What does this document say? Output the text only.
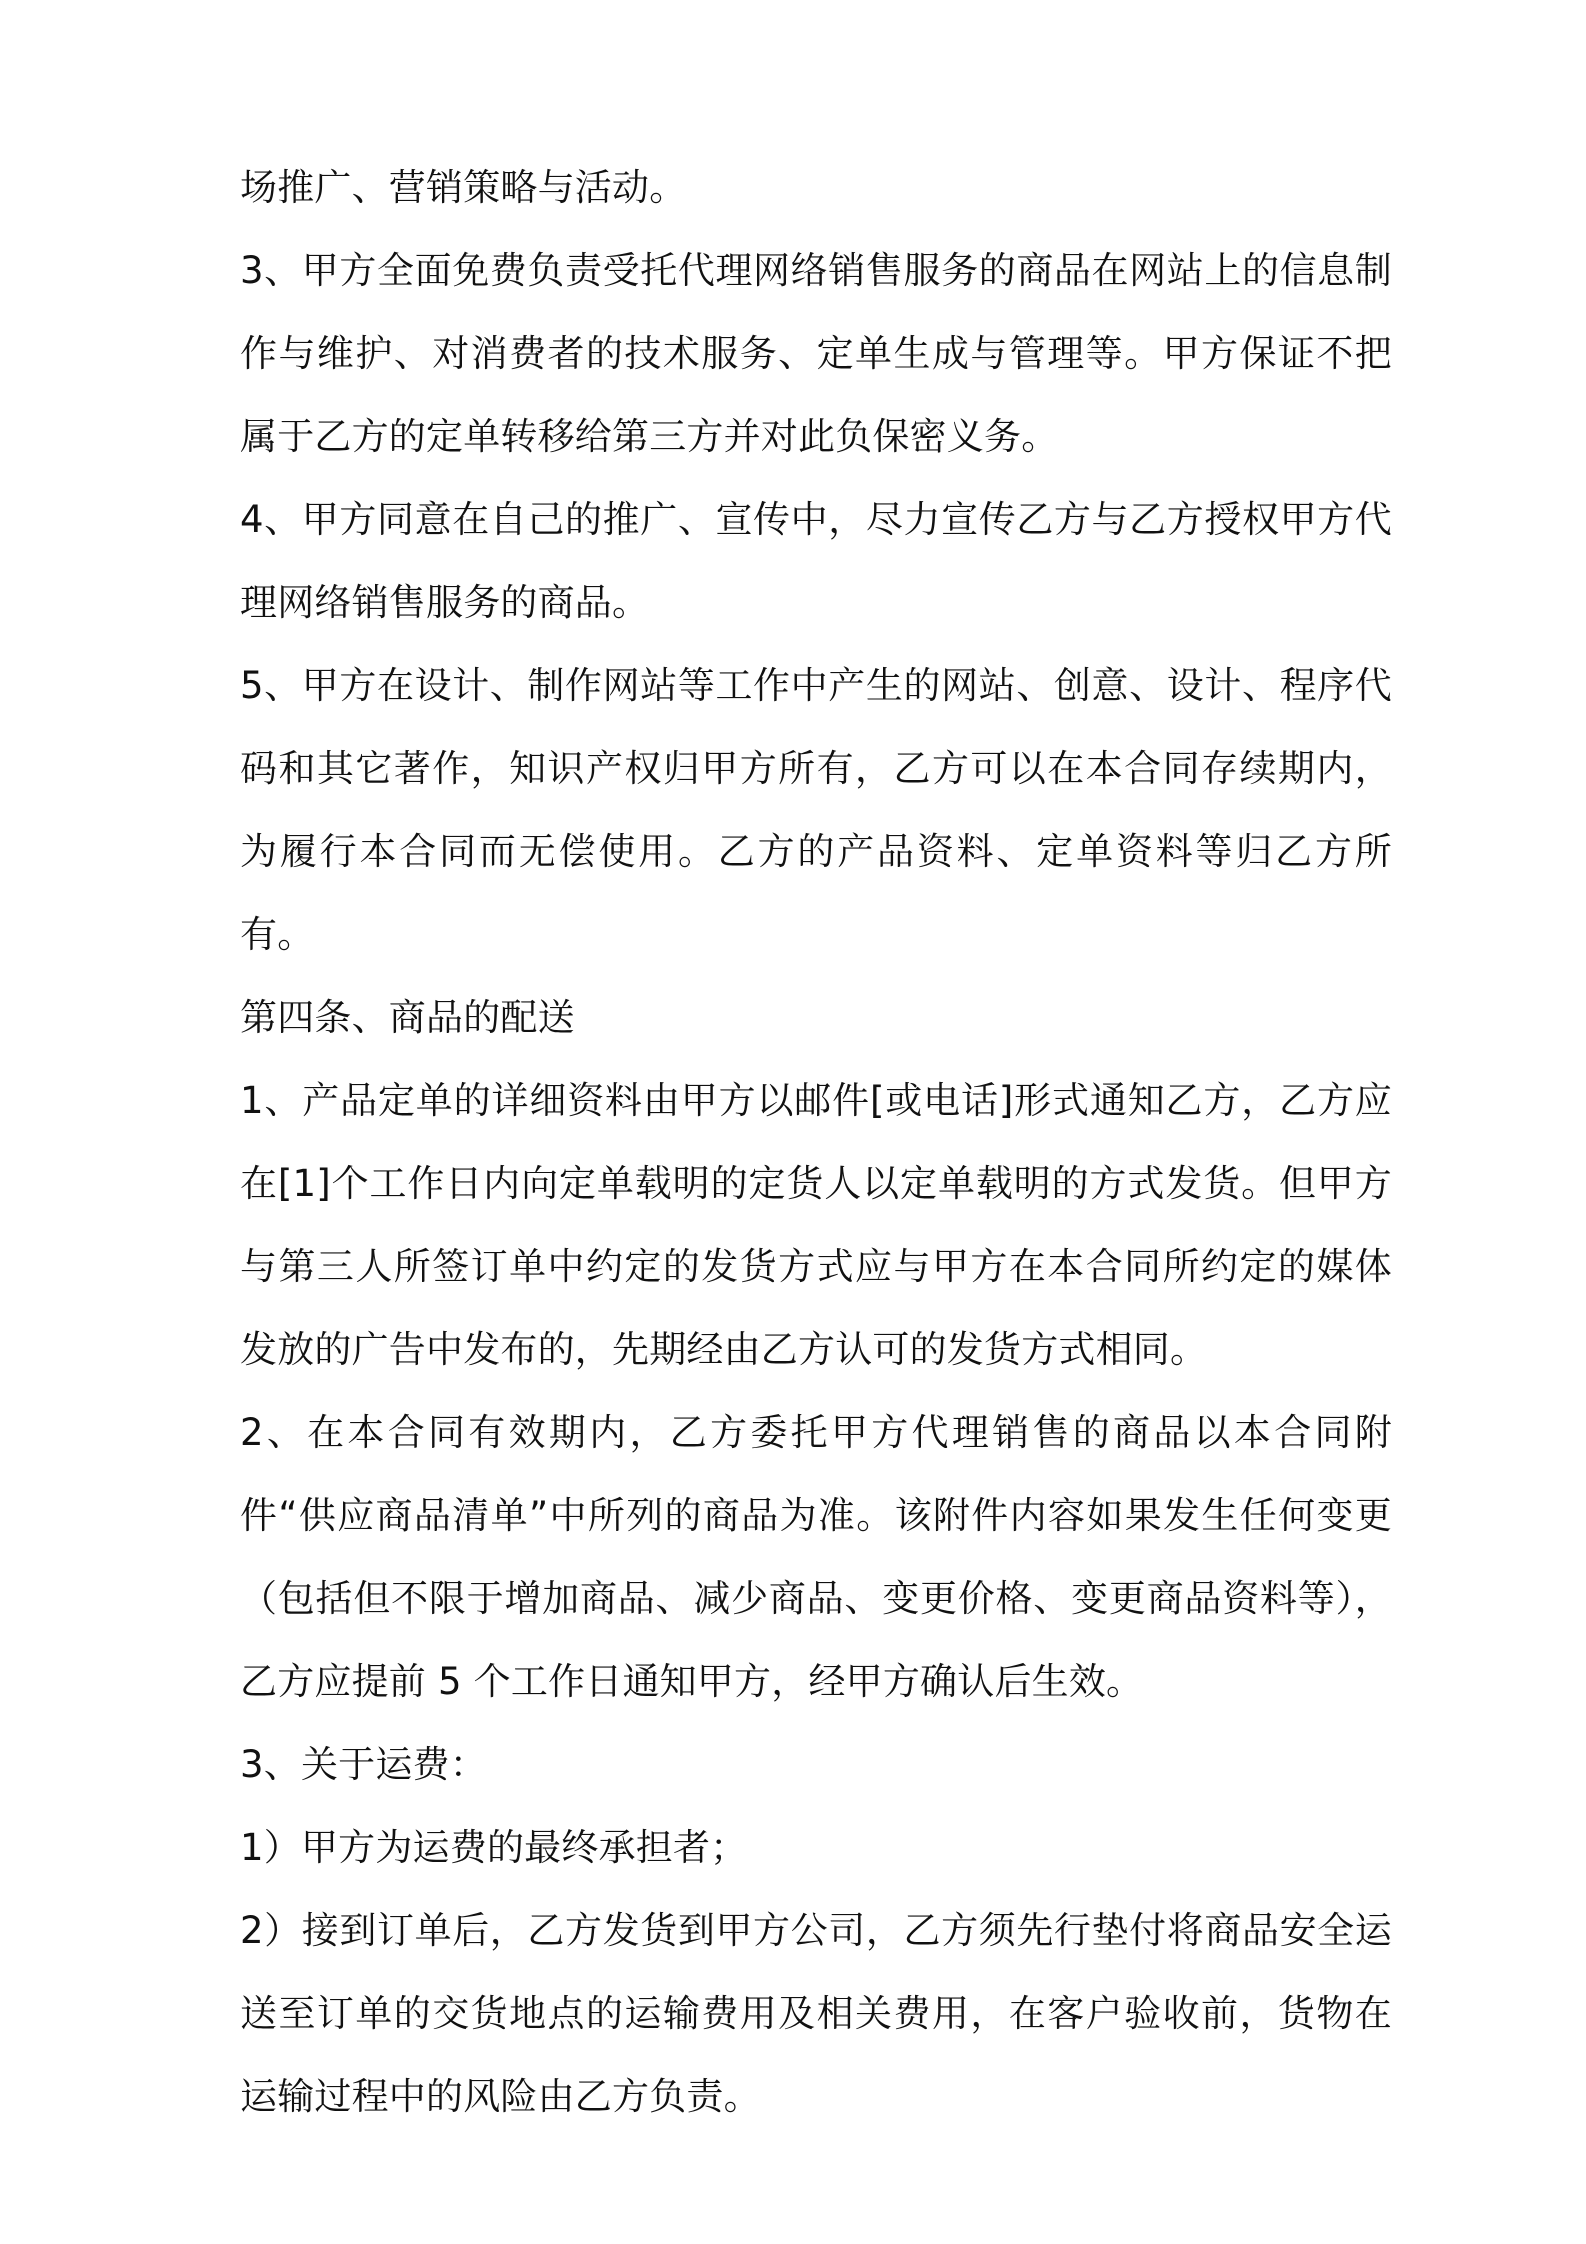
场推广、营销策略与活动。

3、甲方全面免费负责受托代理网络销售服务的商品在网站上的信息制作与维护、对消费者的技术服务、定单生成与管理等。甲方保证不把属于乙方的定单转移给第三方并对此负保密义务。

4、甲方同意在自己的推广、宣传中，尽力宣传乙方与乙方授权甲方代理网络销售服务的商品。

5、甲方在设计、制作网站等工作中产生的网站、创意、设计、程序代码和其它著作，知识产权归甲方所有，乙方可以在本合同存续期内，为履行本合同而无偿使用。乙方的产品资料、定单资料等归乙方所有。

第四条、商品的配送

1、产品定单的详细资料由甲方以邮件[或电话]形式通知乙方，乙方应在[1]个工作日内向定单载明的定货人以定单载明的方式发货。但甲方与第三人所签订单中约定的发货方式应与甲方在本合同所约定的媒体发放的广告中发布的，先期经由乙方认可的发货方式相同。

2、在本合同有效期内，乙方委托甲方代理销售的商品以本合同附件“供应商品清单”中所列的商品为准。该附件内容如果发生任何变更（包括但不限于增加商品、减少商品、变更价格、变更商品资料等），乙方应提前 5 个工作日通知甲方，经甲方确认后生效。

3、关于运费：

1）甲方为运费的最终承担者；

2）接到订单后，乙方发货到甲方公司，乙方须先行垫付将商品安全运送至订单的交货地点的运输费用及相关费用，在客户验收前，货物在运输过程中的风险由乙方负责。
